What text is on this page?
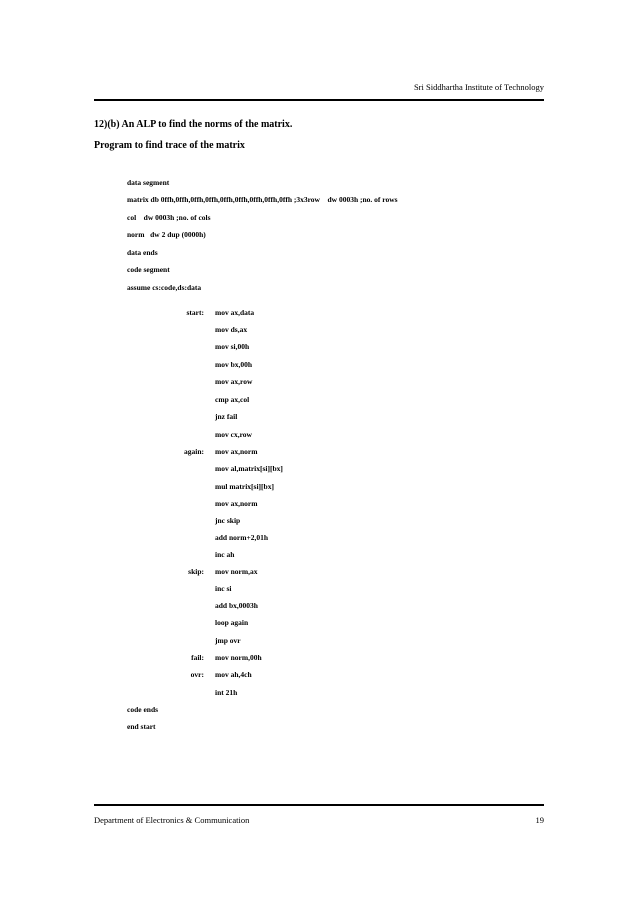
Sri Siddhartha Institute of Technology
12)(b) An ALP to find the norms of the matrix.
Program to find trace of the matrix
data segment
matrix db 0ffh,0ffh,0ffh,0ffh,0ffh,0ffh,0ffh,0ffh,0ffh ;3x3row    dw 0003h ;no. of rows
col    dw 0003h ;no. of cols
norm   dw 2 dup (0000h)
data ends
code segment
assume cs:code,ds:data
start:
again:
skip:
fail:
ovr:
mov ax,data
mov ds,ax
mov si,00h
mov bx,00h
mov ax,row
cmp ax,col
jnz fail
mov cx,row
mov ax,norm
mov al,matrix[si][bx]
mul matrix[si][bx]
mov ax,norm
jnc skip
add norm+2,01h
inc ah
mov norm,ax
inc si
add bx,0003h
loop again
jmp ovr
mov norm,00h
mov ah,4ch
int 21h
code ends
end start
Department of Electronics & Communication	19
